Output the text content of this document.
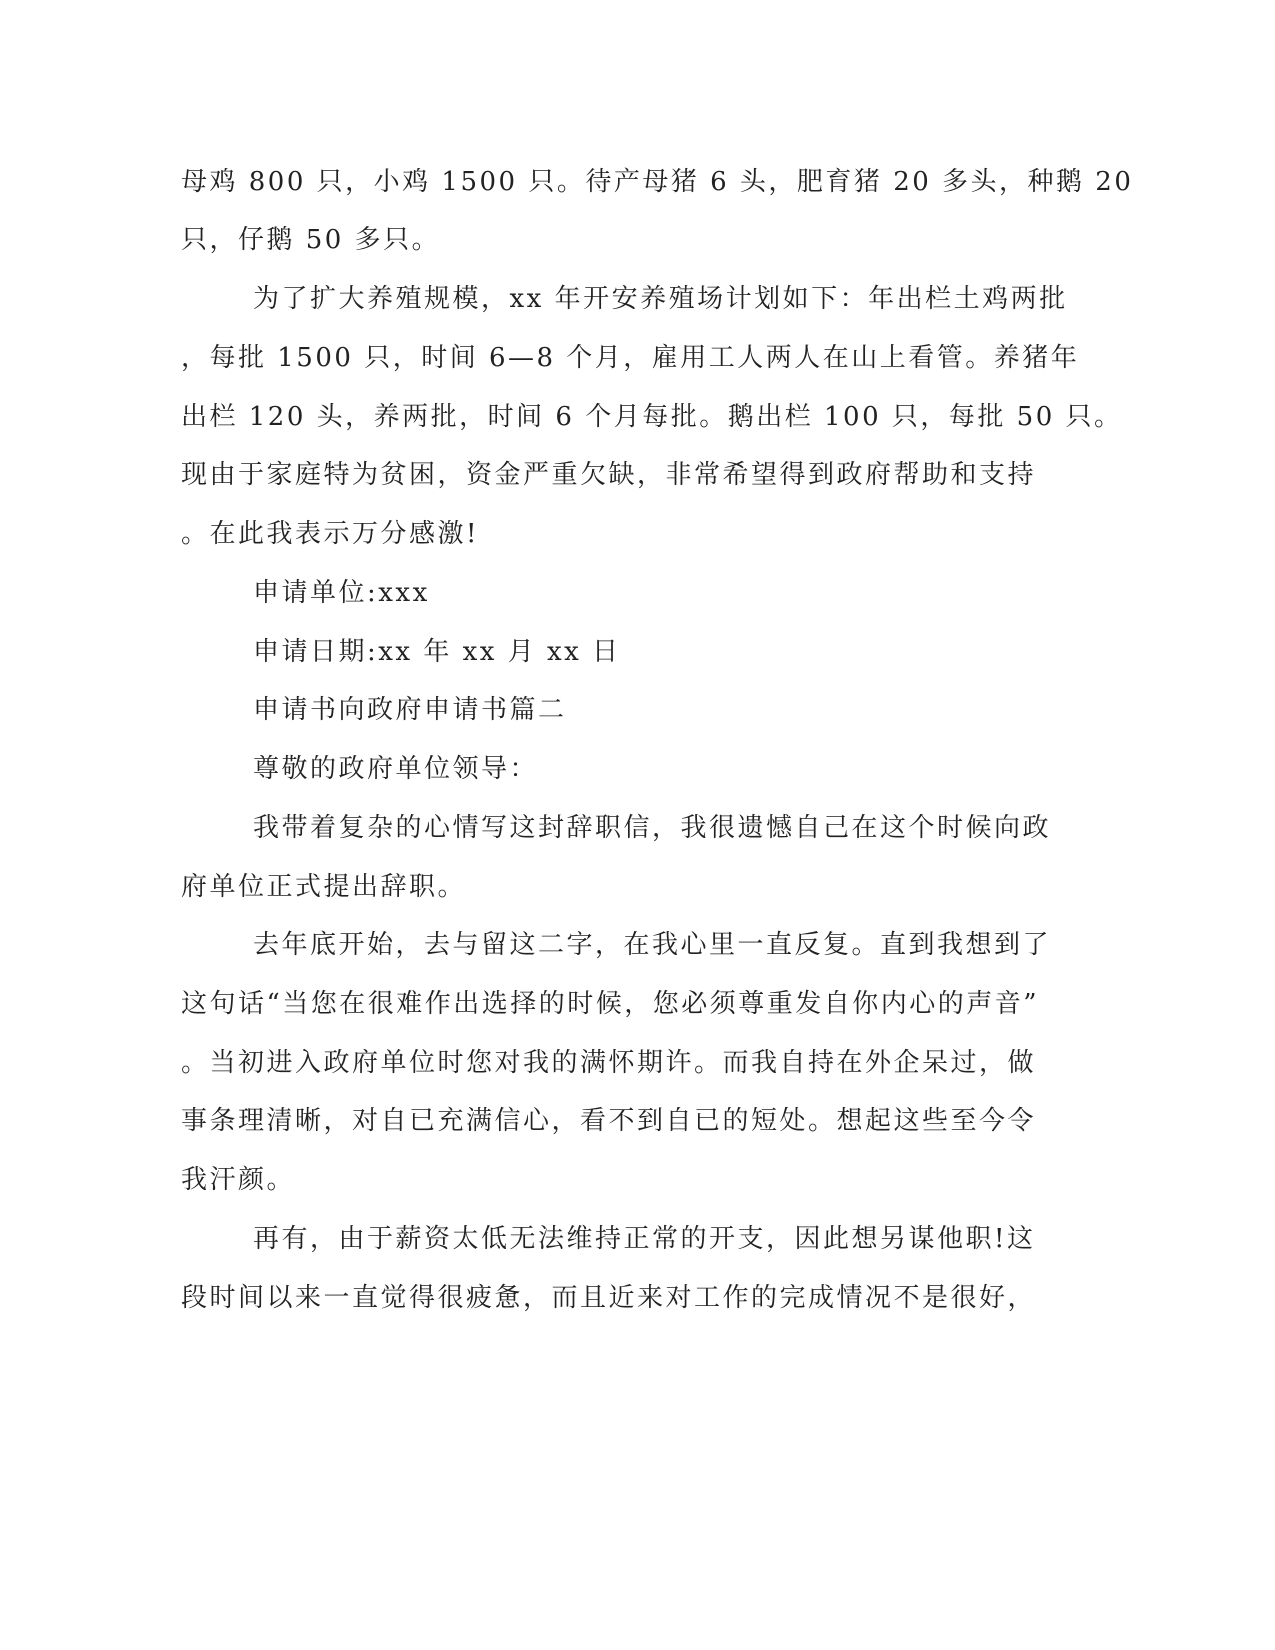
母鸡 800 只，小鸡 1500 只。待产母猪 6 头，肥育猪 20 多头，种鹅 20
只，仔鹅 50 多只。
为了扩大养殖规模，xx 年开安养殖场计划如下：年出栏土鸡两批
，每批 1500 只，时间 6—8 个月，雇用工人两人在山上看管。养猪年
出栏 120 头，养两批，时间 6 个月每批。鹅出栏 100 只，每批 50 只。
现由于家庭特为贫困，资金严重欠缺，非常希望得到政府帮助和支持
。在此我表示万分感激!
申请单位:xxx
申请日期:xx 年 xx 月 xx 日
申请书向政府申请书篇二
尊敬的政府单位领导：
我带着复杂的心情写这封辞职信，我很遗憾自己在这个时候向政
府单位正式提出辞职。
去年底开始，去与留这二字，在我心里一直反复。直到我想到了
这句话“当您在很难作出选择的时候，您必须尊重发自你内心的声音”
。当初进入政府单位时您对我的满怀期许。而我自持在外企呆过，做
事条理清晰，对自已充满信心，看不到自已的短处。想起这些至今令
我汗颜。
再有，由于薪资太低无法维持正常的开支，因此想另谋他职!这
段时间以来一直觉得很疲惫，而且近来对工作的完成情况不是很好，
